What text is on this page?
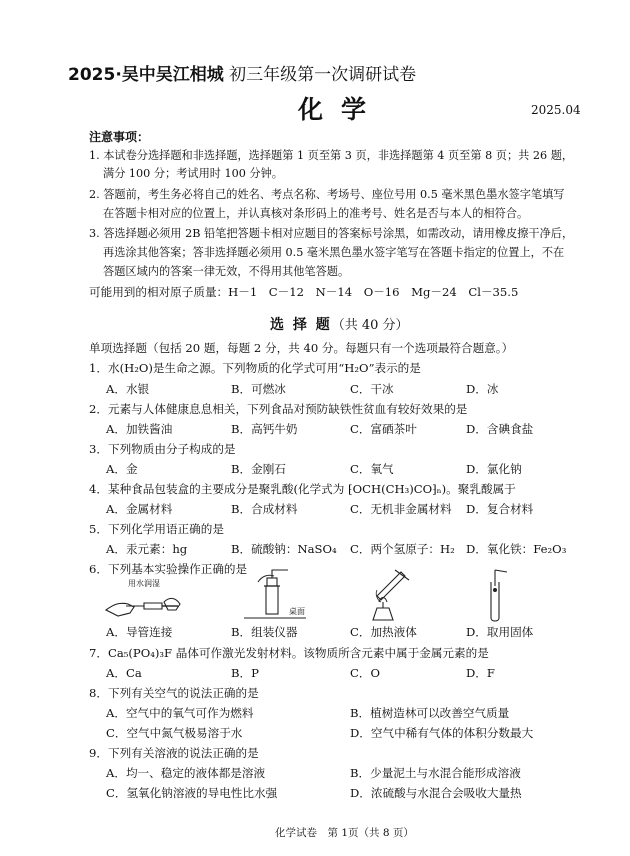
2025·吴中吴江相城 初三年级第一次调研试卷
化学	2025.04
注意事项：
1. 本试卷分选择题和非选择题，选择题第 1 页至第 3 页，非选择题第 4 页至第 8 页；共 26 题，
满分 100 分；考试用时 100 分钟。
2. 答题前，考生务必将自己的姓名、考点名称、考场号、座位号用 0.5 毫米黑色墨水签字笔填写
在答题卡相对应的位置上，并认真核对条形码上的准考号、姓名是否与本人的相符合。
3. 答选择题必须用 2B 铅笔把答题卡相对应题目的答案标号涂黑，如需改动，请用橡皮擦干净后，
再选涂其他答案；答非选择题必须用 0.5 毫米黑色墨水签字笔写在答题卡指定的位置上，不在
答题区域内的答案一律无效，不得用其他笔答题。
可能用到的相对原子质量：H－1　C－12　N－14　O－16　Mg－24　Cl－35.5
选 择 题（共 40 分）
单项选择题（包括 20 题，每题 2 分，共 40 分。每题只有一个选项最符合题意。）
1．水(H₂O)是生命之源。下列物质的化学式可用“H₂O”表示的是
A．水银	B．可燃冰	C．干冰	D．冰
2．元素与人体健康息息相关，下列食品对预防缺铁性贫血有较好效果的是
A．加铁酱油	B．高钙牛奶	C．富硒茶叶	D．含碘食盐
3．下列物质由分子构成的是
A．金	B．金刚石	C．氧气	D．氯化钠
4．某种食品包装盒的主要成分是聚乳酸(化学式为 ⁅OCH(CH₃)CO⁆ₙ)。聚乳酸属于
A．金属材料	B．合成材料	C．无机非金属材料 D．复合材料
5．下列化学用语正确的是
A．汞元素：hg	B．硫酸钠：NaSO₄ C．两个氢原子：H₂ D．氧化铁：Fe₂O₃
6．下列基本实验操作正确的是
用水润湿
桌面
A．导管连接	B．组装仪器	C．加热液体	D．取用固体
7．Ca₅(PO₄)₃F 晶体可作激光发射材料。该物质所含元素中属于金属元素的是
A．Ca	B．P	C．O	D．F
8．下列有关空气的说法正确的是
A．空气中的氧气可作为燃料	B．植树造林可以改善空气质量
C．空气中氮气极易溶于水	D．空气中稀有气体的体积分数最大
9．下列有关溶液的说法正确的是
A．均一、稳定的液体都是溶液	B．少量泥土与水混合能形成溶液
C．氢氧化钠溶液的导电性比水强	D．浓硫酸与水混合会吸收大量热
化学试卷　第 1页（共 8 页）
